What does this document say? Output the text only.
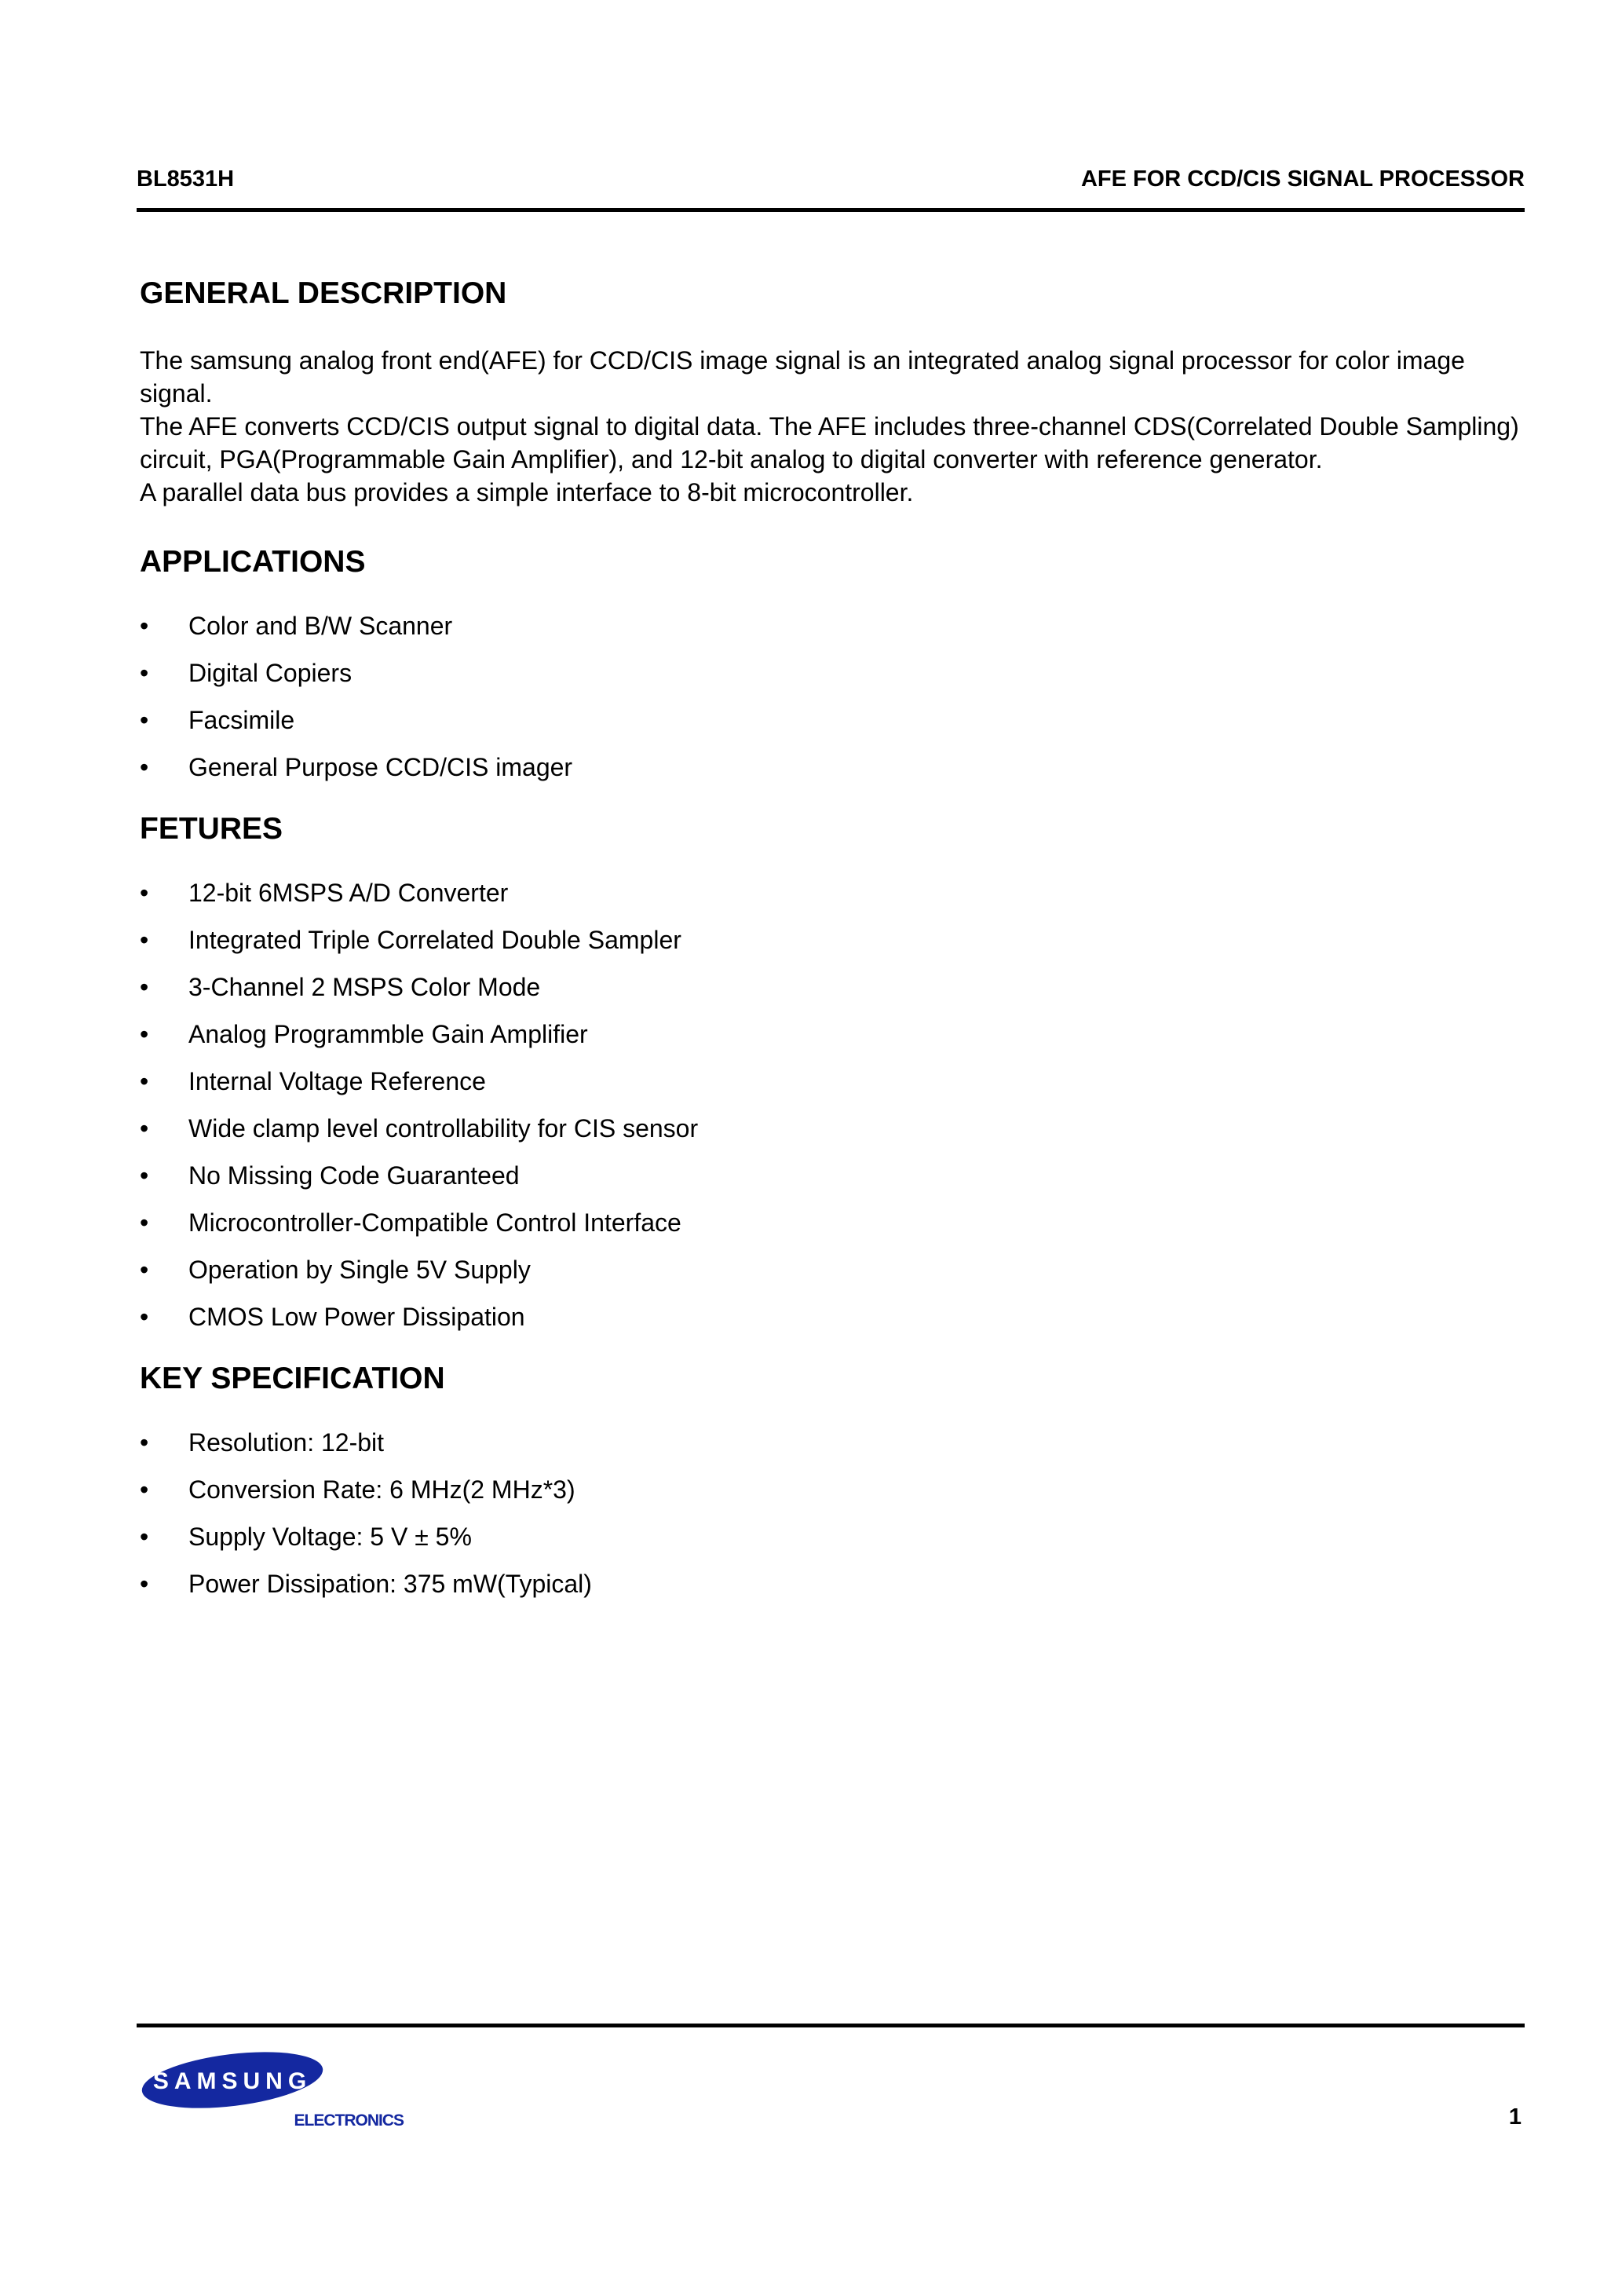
BL8531H	AFE FOR CCD/CIS SIGNAL PROCESSOR
GENERAL DESCRIPTION

The samsung analog front end(AFE) for CCD/CIS image signal is an integrated analog signal processor for color image signal.

The AFE converts CCD/CIS output signal to digital data. The AFE includes three-channel CDS(Correlated Double Sampling) circuit, PGA(Programmable Gain Amplifier), and 12-bit analog to digital converter with reference generator.

A parallel data bus provides a simple interface to 8-bit microcontroller.

APPLICATIONS
• Color and B/W Scanner
• Digital Copiers
• Facsimile
• General Purpose CCD/CIS imager
FETURES
• 12-bit 6MSPS A/D Converter
• Integrated Triple Correlated Double Sampler
• 3-Channel 2 MSPS Color Mode
• Analog Programmble Gain Amplifier
• Internal Voltage Reference
• Wide clamp level controllability for CIS sensor
• No Missing Code Guaranteed
• Microcontroller-Compatible Control Interface
• Operation by Single 5V Supply
• CMOS Low Power Dissipation
KEY SPECIFICATION
• Resolution: 12-bit
• Conversion Rate: 6 MHz(2 MHz*3)
• Supply Voltage: 5 V ± 5%
• Power Dissipation: 375 mW(Typical)
SAMSUNG
ELECTRONICS	1
